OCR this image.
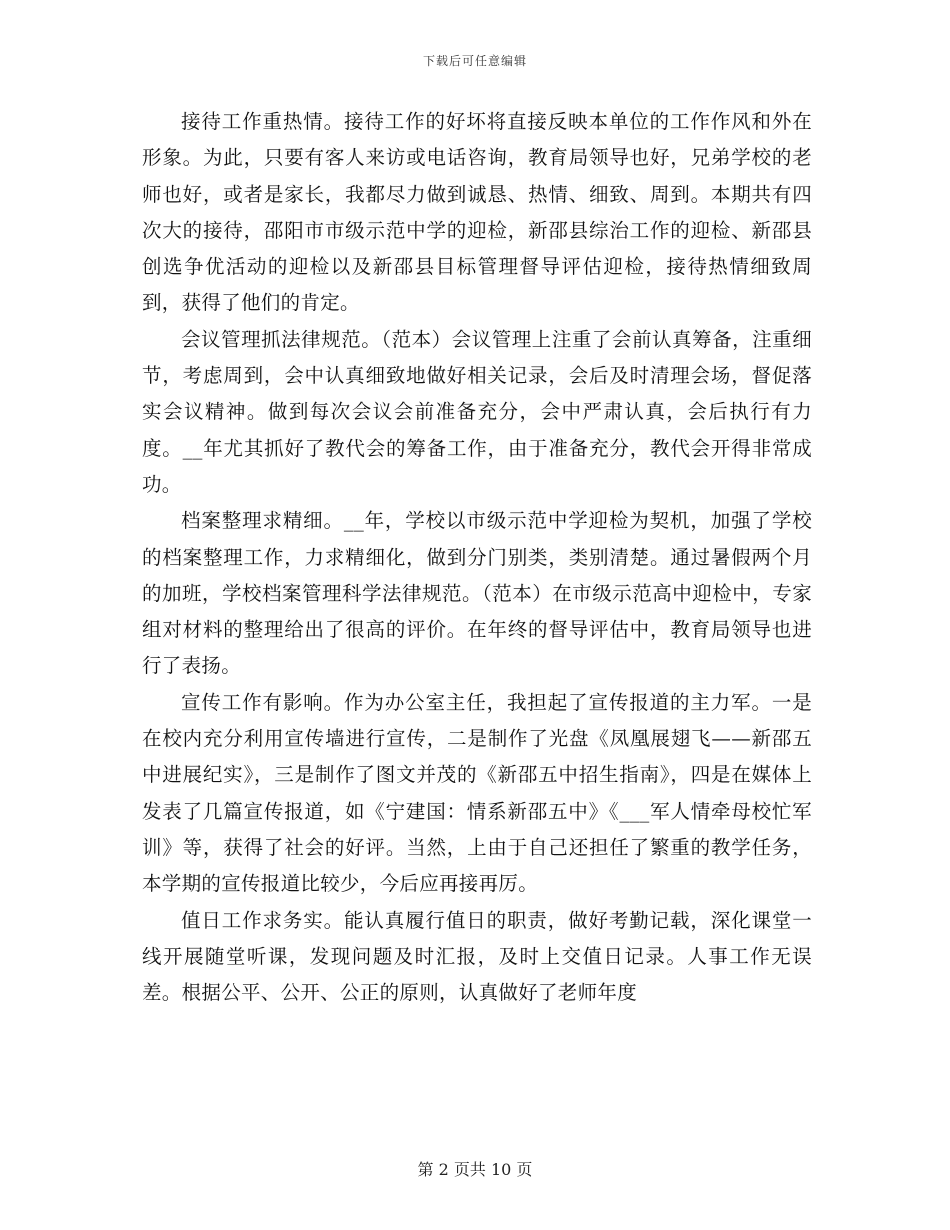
下载后可任意编辑

接待工作重热情。接待工作的好坏将直接反映本单位的工作作风和外在形象。为此，只要有客人来访或电话咨询，教育局领导也好，兄弟学校的老师也好，或者是家长，我都尽力做到诚恳、热情、细致、周到。本期共有四次大的接待，邵阳市市级示范中学的迎检，新邵县综治工作的迎检、新邵县创选争优活动的迎检以及新邵县目标管理督导评估迎检，接待热情细致周到，获得了他们的肯定。

会议管理抓法律规范。（范本）会议管理上注重了会前认真筹备，注重细节，考虑周到，会中认真细致地做好相关记录，会后及时清理会场，督促落实会议精神。做到每次会议会前准备充分，会中严肃认真，会后执行有力度。__年尤其抓好了教代会的筹备工作，由于准备充分，教代会开得非常成功。

档案整理求精细。__年，学校以市级示范中学迎检为契机，加强了学校的档案整理工作，力求精细化，做到分门别类，类别清楚。通过暑假两个月的加班，学校档案管理科学法律规范。（范本）在市级示范高中迎检中，专家组对材料的整理给出了很高的评价。在年终的督导评估中，教育局领导也进行了表扬。

宣传工作有影响。作为办公室主任，我担起了宣传报道的主力军。一是在校内充分利用宣传墙进行宣传，二是制作了光盘《凤凰展翅飞——新邵五中进展纪实》，三是制作了图文并茂的《新邵五中招生指南》，四是在媒体上发表了几篇宣传报道，如《宁建国：情系新邵五中》《___军人情牵母校忙军训》等，获得了社会的好评。当然，上由于自己还担任了繁重的教学任务，本学期的宣传报道比较少，今后应再接再厉。

值日工作求务实。能认真履行值日的职责，做好考勤记载，深化课堂一线开展随堂听课，发现问题及时汇报，及时上交值日记录。人事工作无误差。根据公平、公开、公正的原则，认真做好了老师年度

第 2 页共 10 页
